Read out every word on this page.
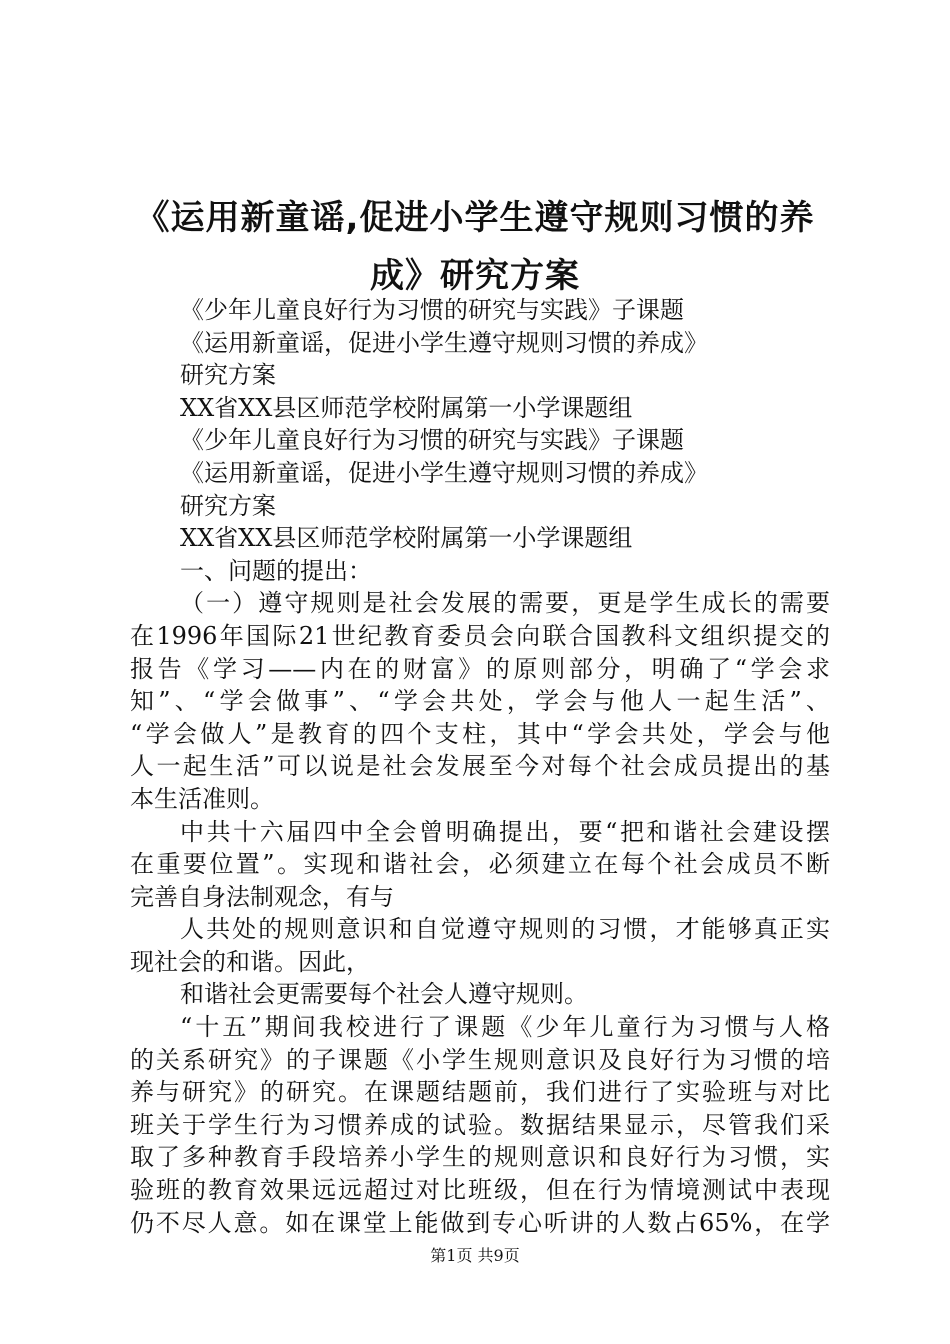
《运用新童谣,促进小学生遵守规则习惯的养
成》研究方案
《少年儿童良好行为习惯的研究与实践》子课题
《运用新童谣，促进小学生遵守规则习惯的养成》
研究方案
XX省XX县区师范学校附属第一小学课题组
《少年儿童良好行为习惯的研究与实践》子课题
《运用新童谣，促进小学生遵守规则习惯的养成》
研究方案
XX省XX县区师范学校附属第一小学课题组
一、问题的提出：
（一）遵守规则是社会发展的需要，更是学生成长的需要
在1996年国际21世纪教育委员会向联合国教科文组织提交的
报告《学习——内在的财富》的原则部分，明确了“学会求
知”、“学会做事”、“学会共处，学会与他人一起生活”、
“学会做人”是教育的四个支柱，其中“学会共处，学会与他
人一起生活”可以说是社会发展至今对每个社会成员提出的基
本生活准则。
中共十六届四中全会曾明确提出，要“把和谐社会建设摆
在重要位置”。实现和谐社会，必须建立在每个社会成员不断
完善自身法制观念，有与
人共处的规则意识和自觉遵守规则的习惯，才能够真正实
现社会的和谐。因此，
和谐社会更需要每个社会人遵守规则。
“十五”期间我校进行了课题《少年儿童行为习惯与人格
的关系研究》的子课题《小学生规则意识及良好行为习惯的培
养与研究》的研究。在课题结题前，我们进行了实验班与对比
班关于学生行为习惯养成的试验。数据结果显示，尽管我们采
取了多种教育手段培养小学生的规则意识和良好行为习惯，实
验班的教育效果远远超过对比班级，但在行为情境测试中表现
仍不尽人意。如在课堂上能做到专心听讲的人数占65%，在学
第1页 共9页
